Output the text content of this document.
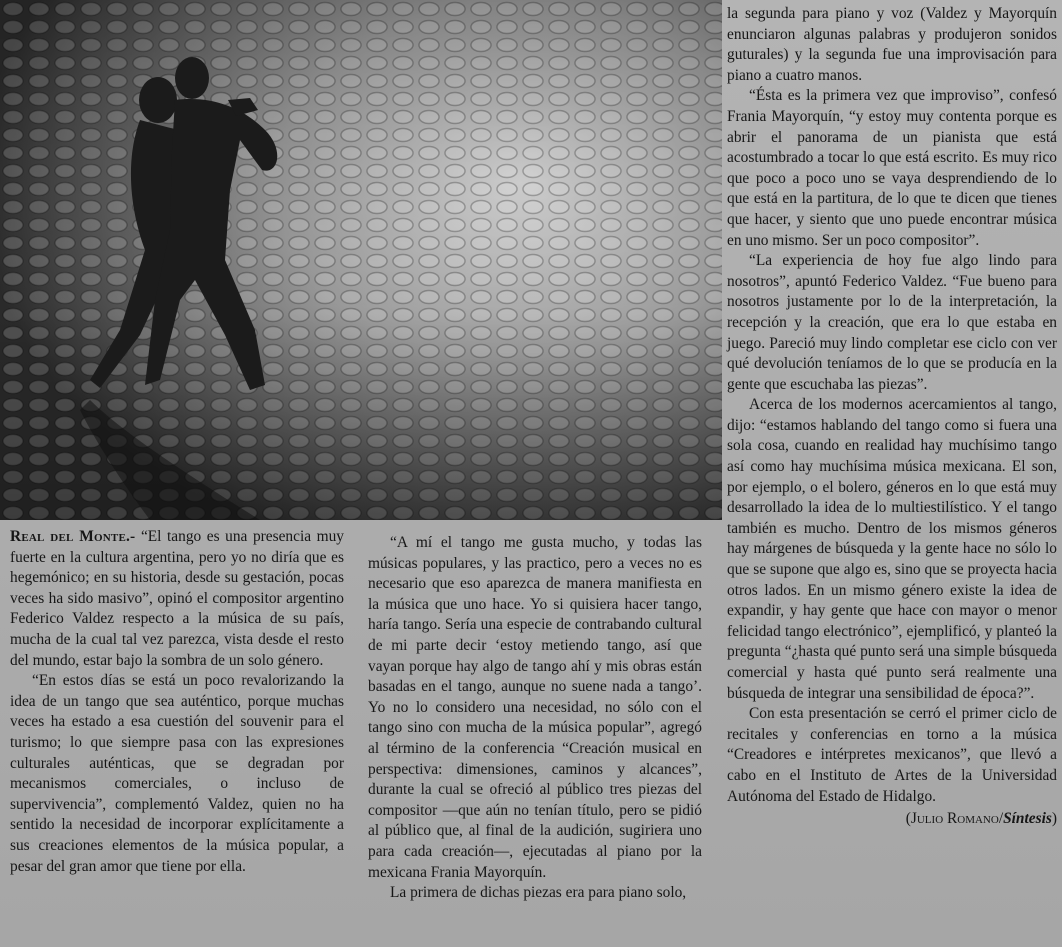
Real del Monte.- “El tango es una presencia muy fuerte en la cultura argentina, pero yo no diría que es hegemónico; en su historia, desde su gestación, pocas veces ha sido masivo”, opinó el compositor argentino Federico Valdez respecto a la música de su país, mucha de la cual tal vez parezca, vista desde el resto del mundo, estar bajo la sombra de un solo género.

“En estos días se está un poco revalorizando la idea de un tango que sea auténtico, porque muchas veces ha estado a esa cuestión del souvenir para el turismo; lo que siempre pasa con las expresiones culturales auténticas, que se degradan por mecanismos comerciales, o incluso de supervivencia”, complementó Valdez, quien no ha sentido la necesidad de incorporar explícitamente a sus creaciones elementos de la música popular, a pesar del gran amor que tiene por ella.

“A mí el tango me gusta mucho, y todas las músicas populares, y las practico, pero a veces no es necesario que eso aparezca de manera manifiesta en la música que uno hace. Yo si quisiera hacer tango, haría tango. Sería una especie de contrabando cultural de mi parte decir ‘estoy metiendo tango, así que vayan porque hay algo de tango ahí y mis obras están basadas en el tango, aunque no suene nada a tango’. Yo no lo considero una necesidad, no sólo con el tango sino con mucha de la música popular”, agregó al término de la conferencia “Creación musical en perspectiva: dimensiones, caminos y alcances”, durante la cual se ofreció al público tres piezas del compositor —que aún no tenían título, pero se pidió al público que, al final de la audición, sugiriera uno para cada creación—, ejecutadas al piano por la mexicana Frania Mayorquín.

La primera de dichas piezas era para piano solo,

la segunda para piano y voz (Valdez y Mayorquín enunciaron algunas palabras y produjeron sonidos guturales) y la segunda fue una improvisación para piano a cuatro manos.

“Ésta es la primera vez que improviso”, confesó Frania Mayorquín, “y estoy muy contenta porque es abrir el panorama de un pianista que está acostumbrado a tocar lo que está escrito. Es muy rico que poco a poco uno se vaya desprendiendo de lo que está en la partitura, de lo que te dicen que tienes que hacer, y siento que uno puede encontrar música en uno mismo. Ser un poco compositor”.

“La experiencia de hoy fue algo lindo para nosotros”, apuntó Federico Valdez. “Fue bueno para nosotros justamente por lo de la interpretación, la recepción y la creación, que era lo que estaba en juego. Pareció muy lindo completar ese ciclo con ver qué devolución teníamos de lo que se producía en la gente que escuchaba las piezas”.

Acerca de los modernos acercamientos al tango, dijo: “estamos hablando del tango como si fuera una sola cosa, cuando en realidad hay muchísimo tango así como hay muchísima música mexicana. El son, por ejemplo, o el bolero, géneros en lo que está muy desarrollado la idea de lo multiestilístico. Y el tango también es mucho. Dentro de los mismos géneros hay márgenes de búsqueda y la gente hace no sólo lo que se supone que algo es, sino que se proyecta hacia otros lados. En un mismo género existe la idea de expandir, y hay gente que hace con mayor o menor felicidad tango electrónico”, ejemplificó, y planteó la pregunta “¿hasta qué punto será una simple búsqueda comercial y hasta qué punto será realmente una búsqueda de integrar una sensibilidad de época?”.

Con esta presentación se cerró el primer ciclo de recitales y conferencias en torno a la música “Creadores e intérpretes mexicanos”, que llevó a cabo en el Instituto de Artes de la Universidad Autónoma del Estado de Hidalgo.

(Julio Romano/Síntesis)
